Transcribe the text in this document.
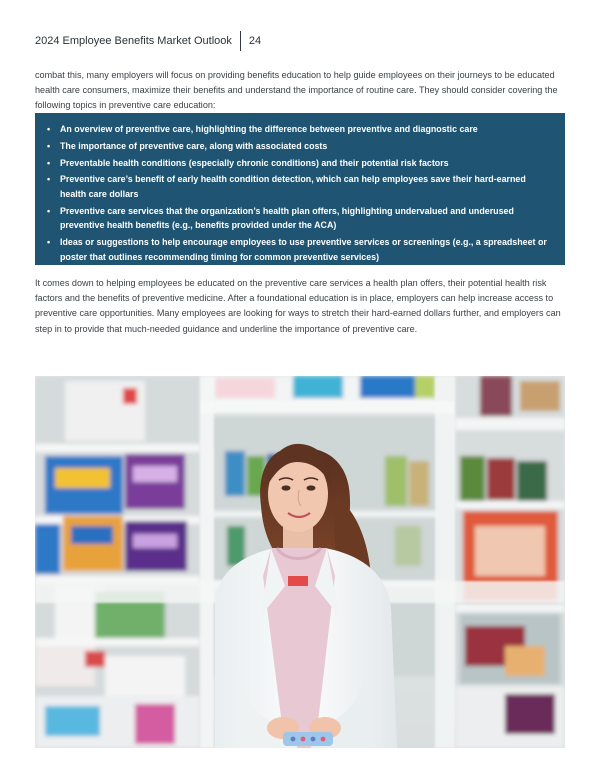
2024 Employee Benefits Market Outlook	24

combat this, many employers will focus on providing benefits education to help guide employees on their journeys to be educated health care consumers, maximize their benefits and understand the importance of routine care. They should consider covering the following topics in preventive care education:

• An overview of preventive care, highlighting the difference between preventive and diagnostic care
• The importance of preventive care, along with associated costs
• Preventable health conditions (especially chronic conditions) and their potential risk factors
• Preventive care’s benefit of early health condition detection, which can help employees save their hard-earned health care dollars
• Preventive care services that the organization’s health plan offers, highlighting undervalued and underused preventive health benefits (e.g., benefits provided under the ACA)
• Ideas or suggestions to help encourage employees to use preventive services or screenings (e.g., a spreadsheet or poster that outlines recommending timing for common preventive services)

It comes down to helping employees be educated on the preventive care services a health plan offers, their potential health risk factors and the benefits of preventive medicine. After a foundational education is in place, employers can help increase access to preventive care opportunities. Many employees are looking for ways to stretch their hard-earned dollars further, and employers can step in to provide that much-needed guidance and underline the importance of preventive care.
